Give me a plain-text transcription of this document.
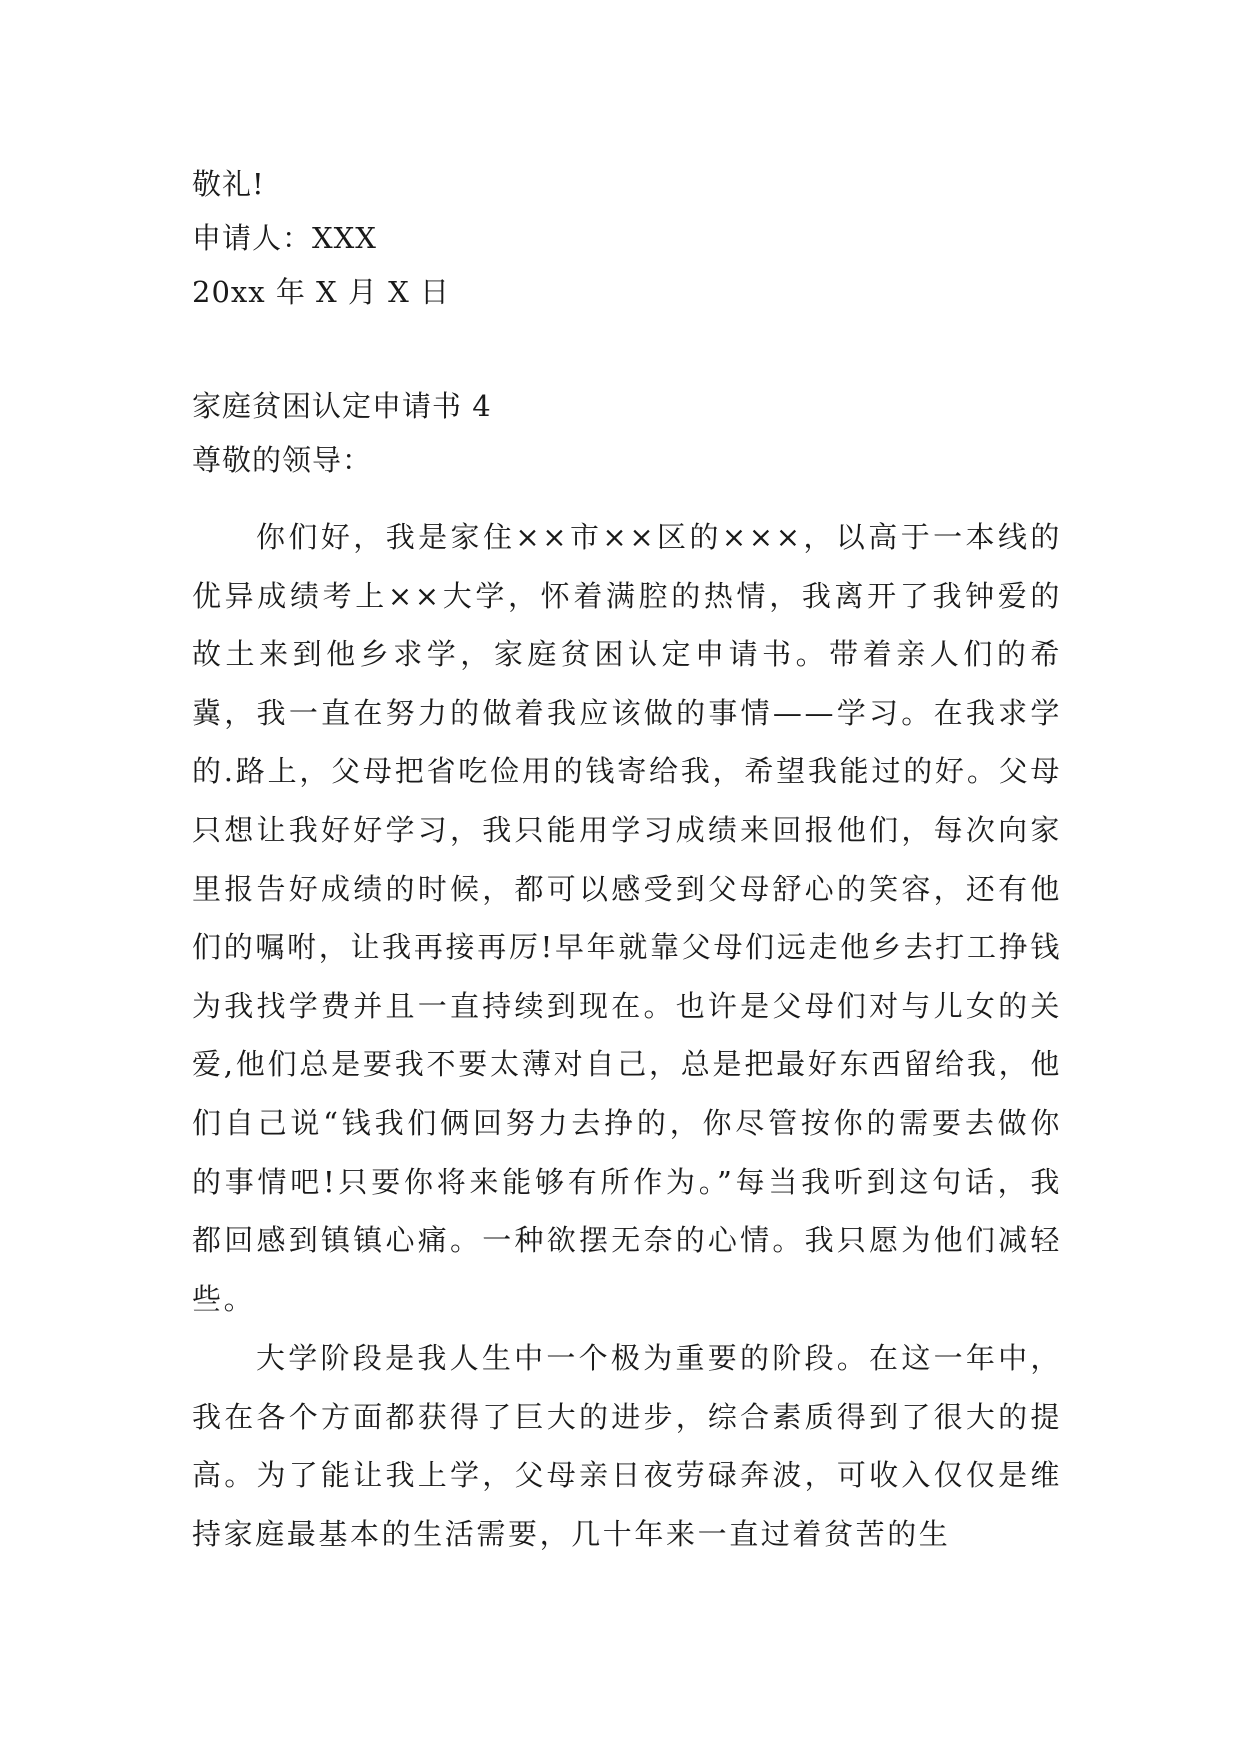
敬礼!
申请人：XXX
20xx 年 X 月 X 日
家庭贫困认定申请书 4
尊敬的领导：
你们好，我是家住××市××区的×××，以高于一本线的优异成绩考上××大学，怀着满腔的热情，我离开了我钟爱的故土来到他乡求学，家庭贫困认定申请书。带着亲人们的希冀，我一直在努力的做着我应该做的事情——学习。在我求学的.路上，父母把省吃俭用的钱寄给我，希望我能过的好。父母只想让我好好学习，我只能用学习成绩来回报他们，每次向家里报告好成绩的时候，都可以感受到父母舒心的笑容，还有他们的嘱咐，让我再接再厉!早年就靠父母们远走他乡去打工挣钱为我找学费并且一直持续到现在。也许是父母们对与儿女的关爱,他们总是要我不要太薄对自己，总是把最好东西留给我，他们自己说“钱我们俩回努力去挣的，你尽管按你的需要去做你的事情吧!只要你将来能够有所作为。”每当我听到这句话，我都回感到镇镇心痛。一种欲摆无奈的心情。我只愿为他们减轻些。
大学阶段是我人生中一个极为重要的阶段。在这一年中，我在各个方面都获得了巨大的进步，综合素质得到了很大的提高。为了能让我上学，父母亲日夜劳碌奔波，可收入仅仅是维持家庭最基本的生活需要，几十年来一直过着贫苦的生
